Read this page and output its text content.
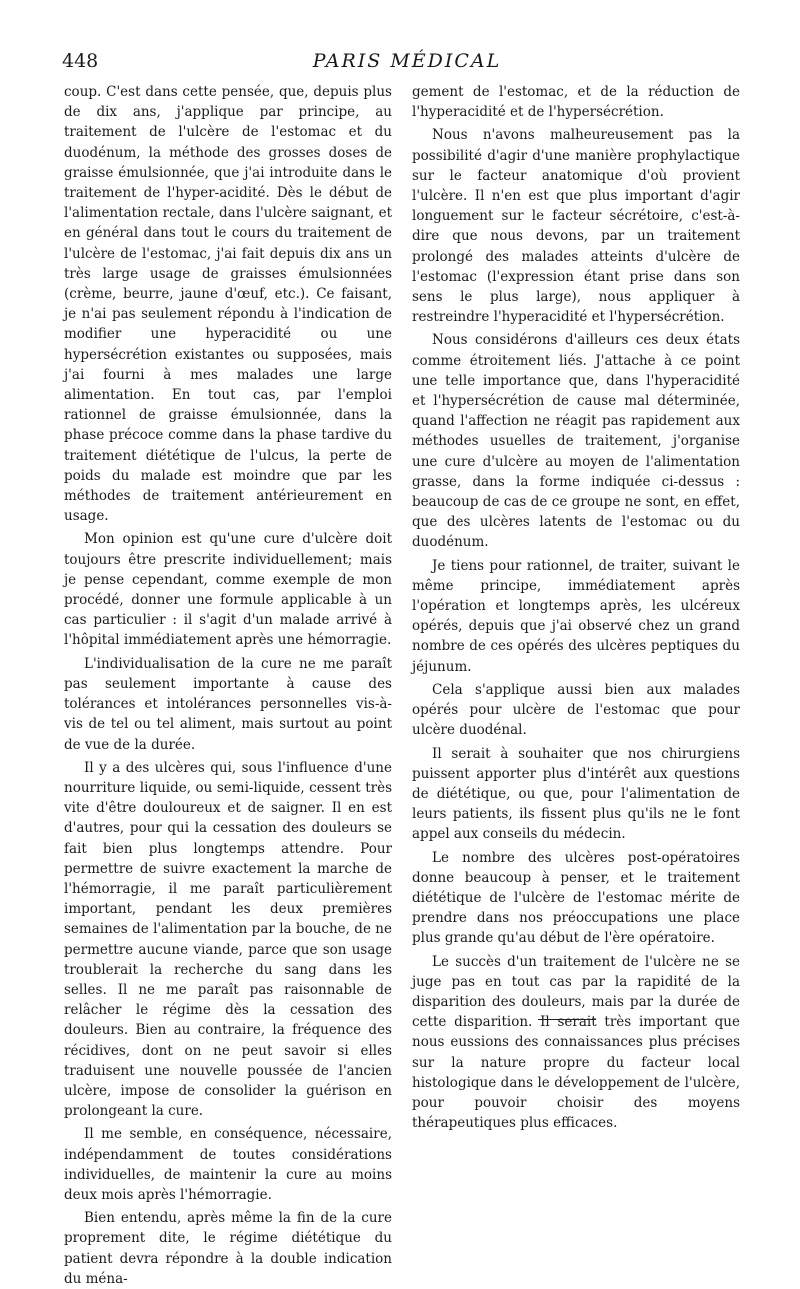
448	PARIS MÉDICAL

coup. C'est dans cette pensée, que, depuis plus de dix ans, j'applique par principe, au traitement de l'ulcère de l'estomac et du duodénum, la méthode des grosses doses de graisse émulsionnée, que j'ai introduite dans le traitement de l'hyper-acidité. Dès le début de l'alimentation rectale, dans l'ulcère saignant, et en général dans tout le cours du traitement de l'ulcère de l'estomac, j'ai fait depuis dix ans un très large usage de graisses émulsionnées (crème, beurre, jaune d'œuf, etc.). Ce faisant, je n'ai pas seulement répondu à l'indication de modifier une hyperacidité ou une hypersécrétion existantes ou supposées, mais j'ai fourni à mes malades une large alimentation. En tout cas, par l'emploi rationnel de graisse émulsionnée, dans la phase précoce comme dans la phase tardive du traitement diététique de l'ulcus, la perte de poids du malade est moindre que par les méthodes de traitement antérieurement en usage.

Mon opinion est qu'une cure d'ulcère doit toujours être prescrite individuellement; mais je pense cependant, comme exemple de mon procédé, donner une formule applicable à un cas particulier : il s'agit d'un malade arrivé à l'hôpital immédiatement après une hémorragie.

L'individualisation de la cure ne me paraît pas seulement importante à cause des tolérances et intolérances personnelles vis-à-vis de tel ou tel aliment, mais surtout au point de vue de la durée.

Il y a des ulcères qui, sous l'influence d'une nourriture liquide, ou semi-liquide, cessent très vite d'être douloureux et de saigner. Il en est d'autres, pour qui la cessation des douleurs se fait bien plus longtemps attendre. Pour permettre de suivre exactement la marche de l'hémorragie, il me paraît particulièrement important, pendant les deux premières semaines de l'alimentation par la bouche, de ne permettre aucune viande, parce que son usage troublerait la recherche du sang dans les selles. Il ne me paraît pas raisonnable de relâcher le régime dès la cessation des douleurs. Bien au contraire, la fréquence des récidives, dont on ne peut savoir si elles traduisent une nouvelle poussée de l'ancien ulcère, impose de consolider la guérison en prolongeant la cure.

Il me semble, en conséquence, nécessaire, indépendamment de toutes considérations individuelles, de maintenir la cure au moins deux mois après l'hémorragie.

Bien entendu, après même la fin de la cure proprement dite, le régime diététique du patient devra répondre à la double indication du ména-

gement de l'estomac, et de la réduction de l'hyperacidité et de l'hypersécrétion.

Nous n'avons malheureusement pas la possibilité d'agir d'une manière prophylactique sur le facteur anatomique d'où provient l'ulcère. Il n'en est que plus important d'agir longuement sur le facteur sécrétoire, c'est-à-dire que nous devons, par un traitement prolongé des malades atteints d'ulcère de l'estomac (l'expression étant prise dans son sens le plus large), nous appliquer à restreindre l'hyperacidité et l'hypersécrétion.

Nous considérons d'ailleurs ces deux états comme étroitement liés. J'attache à ce point une telle importance que, dans l'hyperacidité et l'hypersécrétion de cause mal déterminée, quand l'affection ne réagit pas rapidement aux méthodes usuelles de traitement, j'organise une cure d'ulcère au moyen de l'alimentation grasse, dans la forme indiquée ci-dessus : beaucoup de cas de ce groupe ne sont, en effet, que des ulcères latents de l'estomac ou du duodénum.

Je tiens pour rationnel, de traiter, suivant le même principe, immédiatement après l'opération et longtemps après, les ulcéreux opérés, depuis que j'ai observé chez un grand nombre de ces opérés des ulcères peptiques du jéjunum.

Cela s'applique aussi bien aux malades opérés pour ulcère de l'estomac que pour ulcère duodénal.

Il serait à souhaiter que nos chirurgiens puissent apporter plus d'intérêt aux questions de diététique, ou que, pour l'alimentation de leurs patients, ils fissent plus qu'ils ne le font appel aux conseils du médecin.

Le nombre des ulcères post-opératoires donne beaucoup à penser, et le traitement diététique de l'ulcère de l'estomac mérite de prendre dans nos préoccupations une place plus grande qu'au début de l'ère opératoire.

Le succès d'un traitement de l'ulcère ne se juge pas en tout cas par la rapidité de la disparition des douleurs, mais par la durée de cette disparition. Il serait très important que nous eussions des connaissances plus précises sur la nature propre du facteur local histologique dans le développement de l'ulcère, pour pouvoir choisir des moyens thérapeutiques plus efficaces.
